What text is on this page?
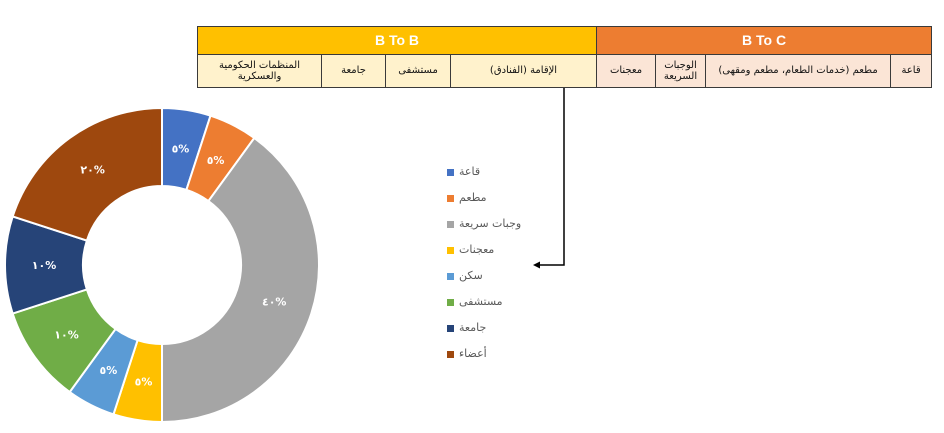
B To B				B To C			
المنظمات الحكومية والعسكرية	جامعة	مستشفى	الإقامة (الفنادق)	معجنات	الوجبات السريعة	مطعم (خدمات الطعام، مطعم ومقهى)	قاعة
٥%
٥%
٤٠%
٥%
٥%
١٠%
١٠%
٢٠%	قاعة
مطعم
وجبات سريعة
معجنات
سكن
مستشفى
جامعة
أعضاء
